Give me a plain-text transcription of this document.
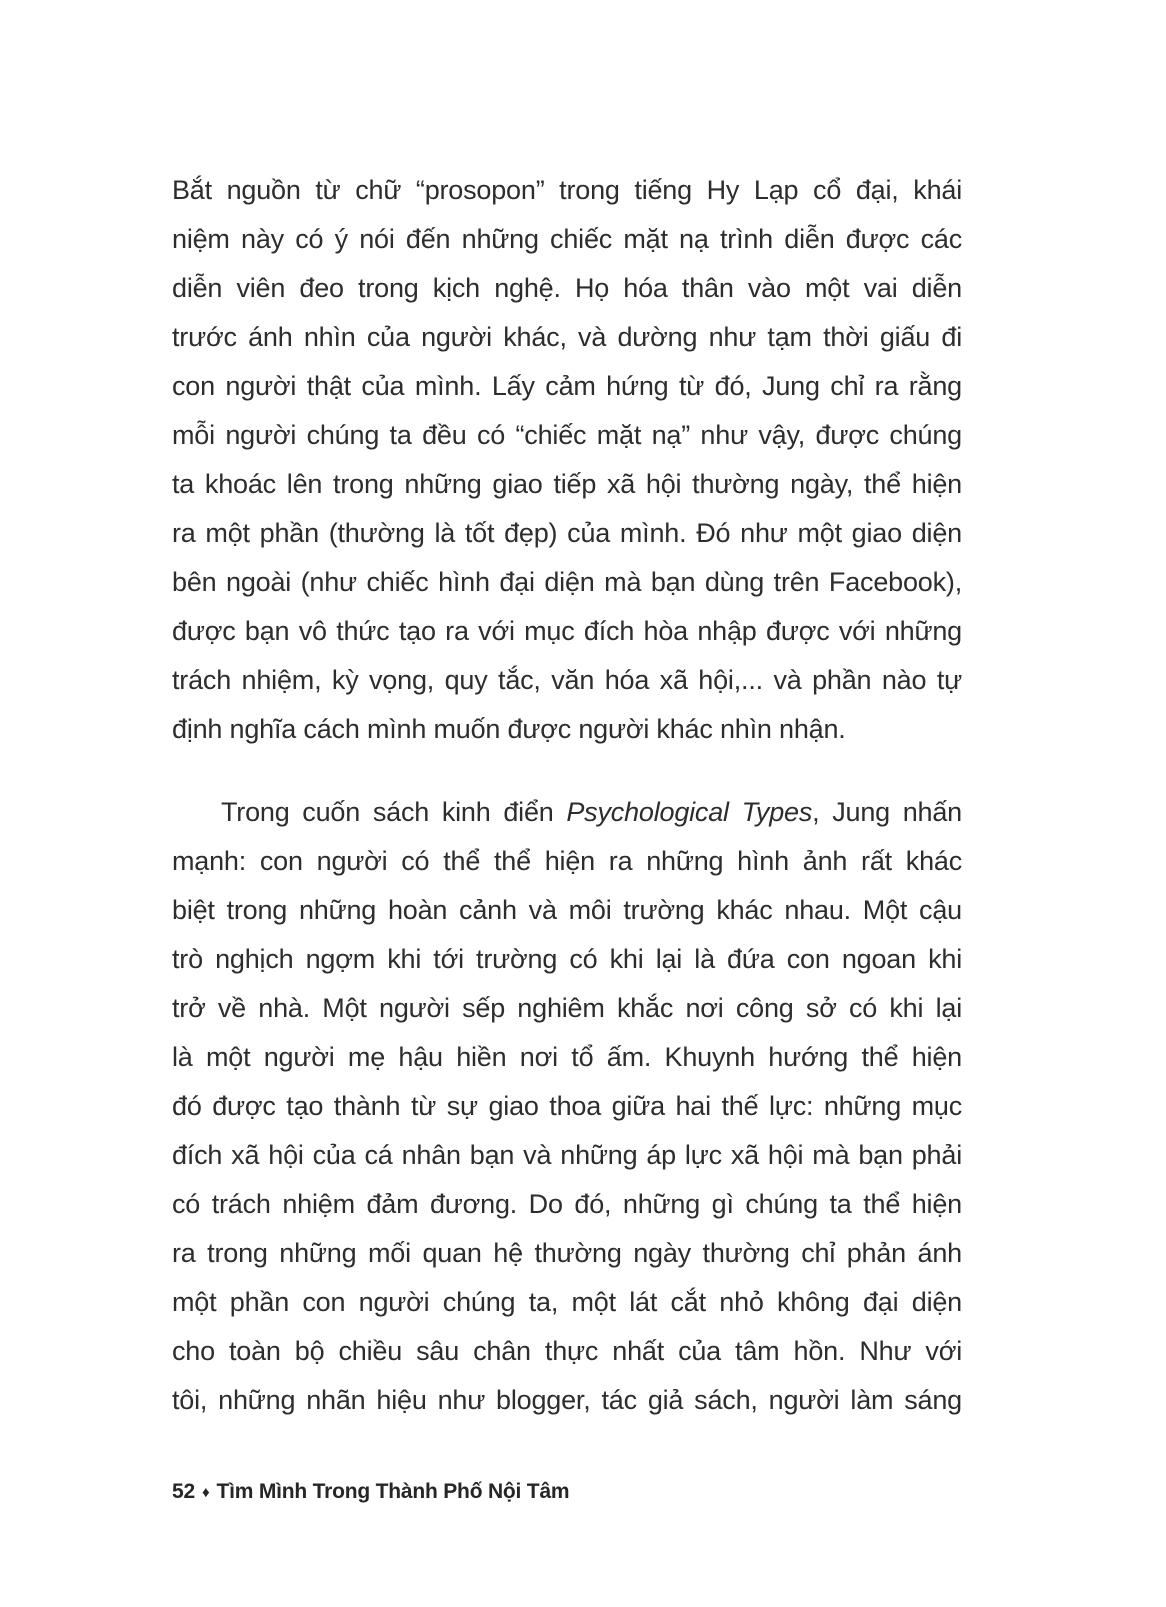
Bắt nguồn từ chữ “prosopon” trong tiếng Hy Lạp cổ đại, khái
niệm này có ý nói đến những chiếc mặt nạ trình diễn được các
diễn viên đeo trong kịch nghệ. Họ hóa thân vào một vai diễn
trước ánh nhìn của người khác, và dường như tạm thời giấu đi
con người thật của mình. Lấy cảm hứng từ đó, Jung chỉ ra rằng
mỗi người chúng ta đều có “chiếc mặt nạ” như vậy, được chúng
ta khoác lên trong những giao tiếp xã hội thường ngày, thể hiện
ra một phần (thường là tốt đẹp) của mình. Đó như một giao diện
bên ngoài (như chiếc hình đại diện mà bạn dùng trên Facebook),
được bạn vô thức tạo ra với mục đích hòa nhập được với những
trách nhiệm, kỳ vọng, quy tắc, văn hóa xã hội,... và phần nào tự
định nghĩa cách mình muốn được người khác nhìn nhận.
Trong cuốn sách kinh điển Psychological Types, Jung nhấn
mạnh: con người có thể thể hiện ra những hình ảnh rất khác
biệt trong những hoàn cảnh và môi trường khác nhau. Một cậu
trò nghịch ngợm khi tới trường có khi lại là đứa con ngoan khi
trở về nhà. Một người sếp nghiêm khắc nơi công sở có khi lại
là một người mẹ hậu hiền nơi tổ ấm. Khuynh hướng thể hiện
đó được tạo thành từ sự giao thoa giữa hai thế lực: những mục
đích xã hội của cá nhân bạn và những áp lực xã hội mà bạn phải
có trách nhiệm đảm đương. Do đó, những gì chúng ta thể hiện
ra trong những mối quan hệ thường ngày thường chỉ phản ánh
một phần con người chúng ta, một lát cắt nhỏ không đại diện
cho toàn bộ chiều sâu chân thực nhất của tâm hồn. Như với
tôi, những nhãn hiệu như blogger, tác giả sách, người làm sáng
52 ♦ Tìm Mình Trong Thành Phố Nội Tâm
